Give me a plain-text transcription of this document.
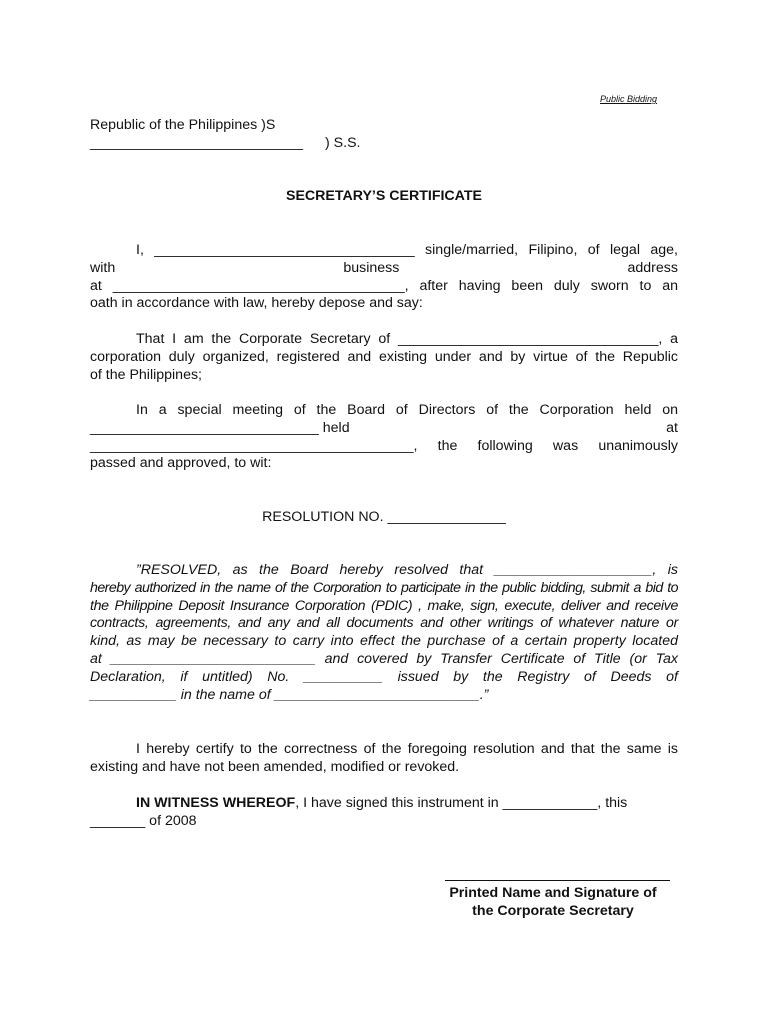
Public Bidding
Republic of the Philippines )S
___________________________ ) S.S.
SECRETARY’S CERTIFICATE
I, _________________________________ single/married, Filipino, of legal age,
with	business	address
at _____________________________________, after having been duly sworn to an
oath in accordance with law, hereby depose and say:
That I am the Corporate Secretary of _________________________________, a
corporation duly organized, registered and existing under and by virtue of the Republic
of the Philippines;
In a special meeting of the Board of Directors of the Corporation held on
_____________________________ held	at
_________________________________________, the following was unanimously
passed and approved, to wit:
RESOLUTION NO. _______________
”RESOLVED, as the Board hereby resolved that ____________________, is
hereby authorized in the name of the Corporation to participate in the public bidding, submit a bid to
the Philippine Deposit Insurance Corporation (PDIC) , make, sign, execute, deliver and receive
contracts, agreements, and any and all documents and other writings of whatever nature or
kind, as may be necessary to carry into effect the purchase of a certain property located
at __________________________ and covered by Transfer Certificate of Title (or Tax
Declaration, if untitled) No. __________ issued by the Registry of Deeds of
___________ in the name of __________________________.”
I hereby certify to the correctness of the foregoing resolution and that the same is
existing and have not been amended, modified or revoked.
IN WITNESS WHEREOF, I have signed this instrument in ____________, this
_______ of 2008
Printed Name and Signature of
the Corporate Secretary
